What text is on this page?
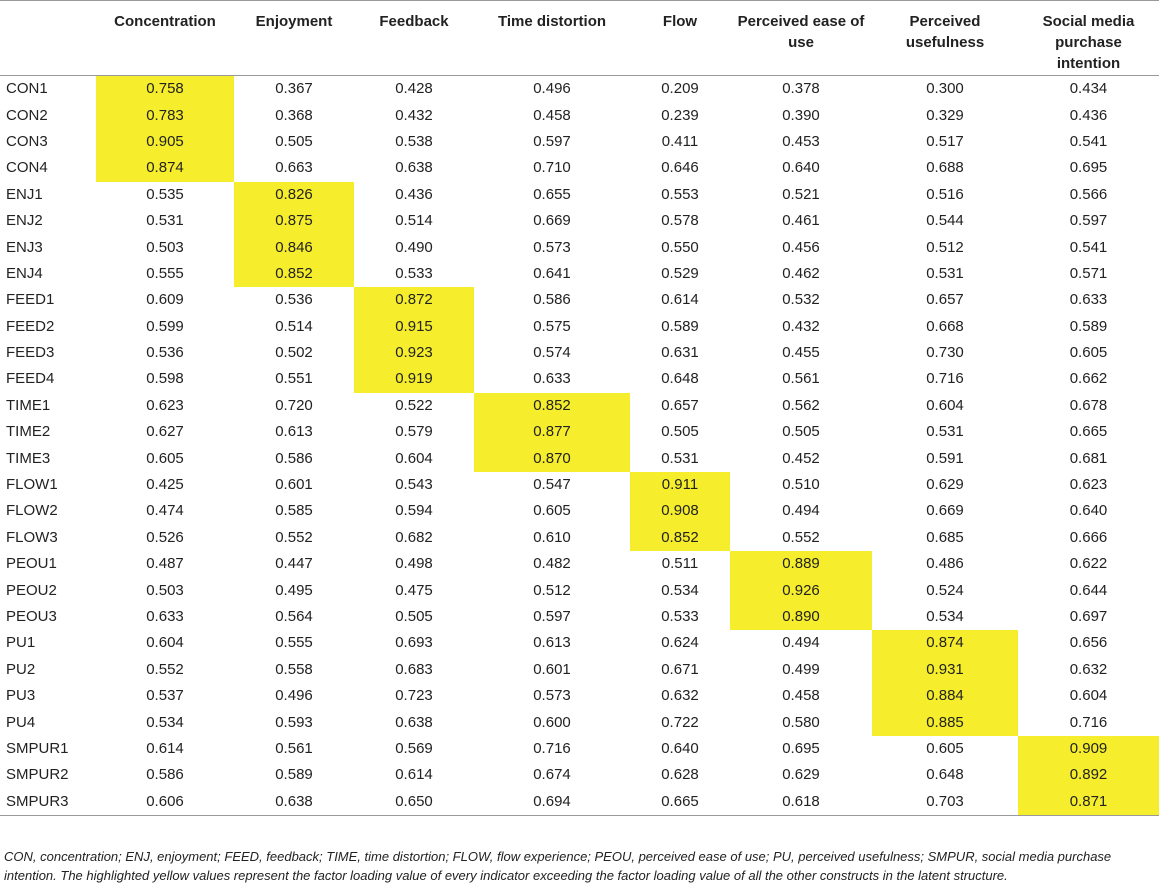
	Concentration	Enjoyment	Feedback	Time distortion	Flow	Perceived ease of use	Perceived usefulness	Social media purchase intention
CON1	0.758	0.367	0.428	0.496	0.209	0.378	0.300	0.434
CON2	0.783	0.368	0.432	0.458	0.239	0.390	0.329	0.436
CON3	0.905	0.505	0.538	0.597	0.411	0.453	0.517	0.541
CON4	0.874	0.663	0.638	0.710	0.646	0.640	0.688	0.695
ENJ1	0.535	0.826	0.436	0.655	0.553	0.521	0.516	0.566
ENJ2	0.531	0.875	0.514	0.669	0.578	0.461	0.544	0.597
ENJ3	0.503	0.846	0.490	0.573	0.550	0.456	0.512	0.541
ENJ4	0.555	0.852	0.533	0.641	0.529	0.462	0.531	0.571
FEED1	0.609	0.536	0.872	0.586	0.614	0.532	0.657	0.633
FEED2	0.599	0.514	0.915	0.575	0.589	0.432	0.668	0.589
FEED3	0.536	0.502	0.923	0.574	0.631	0.455	0.730	0.605
FEED4	0.598	0.551	0.919	0.633	0.648	0.561	0.716	0.662
TIME1	0.623	0.720	0.522	0.852	0.657	0.562	0.604	0.678
TIME2	0.627	0.613	0.579	0.877	0.505	0.505	0.531	0.665
TIME3	0.605	0.586	0.604	0.870	0.531	0.452	0.591	0.681
FLOW1	0.425	0.601	0.543	0.547	0.911	0.510	0.629	0.623
FLOW2	0.474	0.585	0.594	0.605	0.908	0.494	0.669	0.640
FLOW3	0.526	0.552	0.682	0.610	0.852	0.552	0.685	0.666
PEOU1	0.487	0.447	0.498	0.482	0.511	0.889	0.486	0.622
PEOU2	0.503	0.495	0.475	0.512	0.534	0.926	0.524	0.644
PEOU3	0.633	0.564	0.505	0.597	0.533	0.890	0.534	0.697
PU1	0.604	0.555	0.693	0.613	0.624	0.494	0.874	0.656
PU2	0.552	0.558	0.683	0.601	0.671	0.499	0.931	0.632
PU3	0.537	0.496	0.723	0.573	0.632	0.458	0.884	0.604
PU4	0.534	0.593	0.638	0.600	0.722	0.580	0.885	0.716
SMPUR1	0.614	0.561	0.569	0.716	0.640	0.695	0.605	0.909
SMPUR2	0.586	0.589	0.614	0.674	0.628	0.629	0.648	0.892
SMPUR3	0.606	0.638	0.650	0.694	0.665	0.618	0.703	0.871
CON, concentration; ENJ, enjoyment; FEED, feedback; TIME, time distortion; FLOW, flow experience; PEOU, perceived ease of use; PU, perceived usefulness; SMPUR, social media purchase intention. The highlighted yellow values represent the factor loading value of every indicator exceeding the factor loading value of all the other constructs in the latent structure.
